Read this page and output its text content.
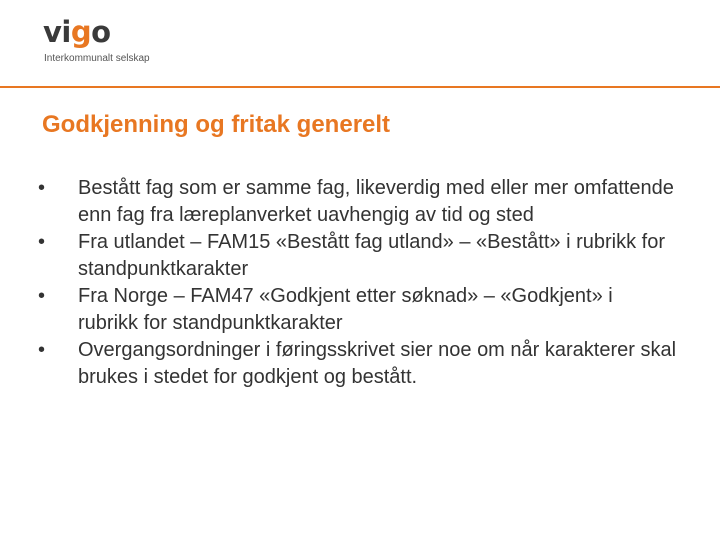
vigo
Interkommunalt selskap
Godkjenning og fritak generelt
• Bestått fag som er samme fag, likeverdig med eller mer omfattende enn fag fra læreplanverket uavhengig av tid og sted
• Fra utlandet – FAM15 «Bestått fag utland» – «Bestått» i rubrikk for standpunktkarakter
• Fra Norge – FAM47 «Godkjent etter søknad» – «Godkjent» i rubrikk for standpunktkarakter
• Overgangsordninger i føringsskrivet sier noe om når karakterer skal brukes i stedet for godkjent og bestått.
